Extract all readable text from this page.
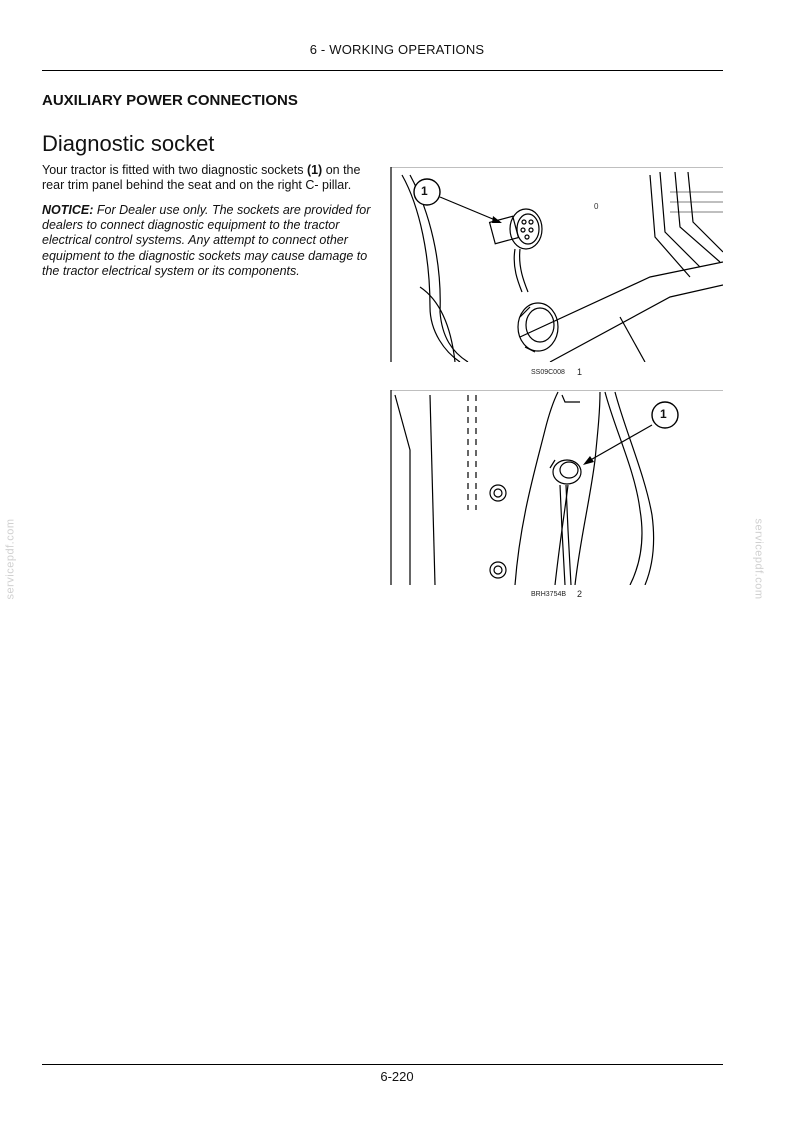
6 - WORKING OPERATIONS
AUXILIARY POWER CONNECTIONS
Diagnostic socket
Your tractor is fitted with two diagnostic sockets (1) on the rear trim panel behind the seat and on the right C- pillar.
NOTICE: For Dealer use only. The sockets are provided for dealers to connect diagnostic equipment to the tractor electrical control systems. Any attempt to connect other equipment to the diagnostic sockets may cause damage to the tractor electrical system or its components.
1
0
SS09C008 1
1
BRH3754B 2
servicepdf.com	servicepdf.com
6-220
